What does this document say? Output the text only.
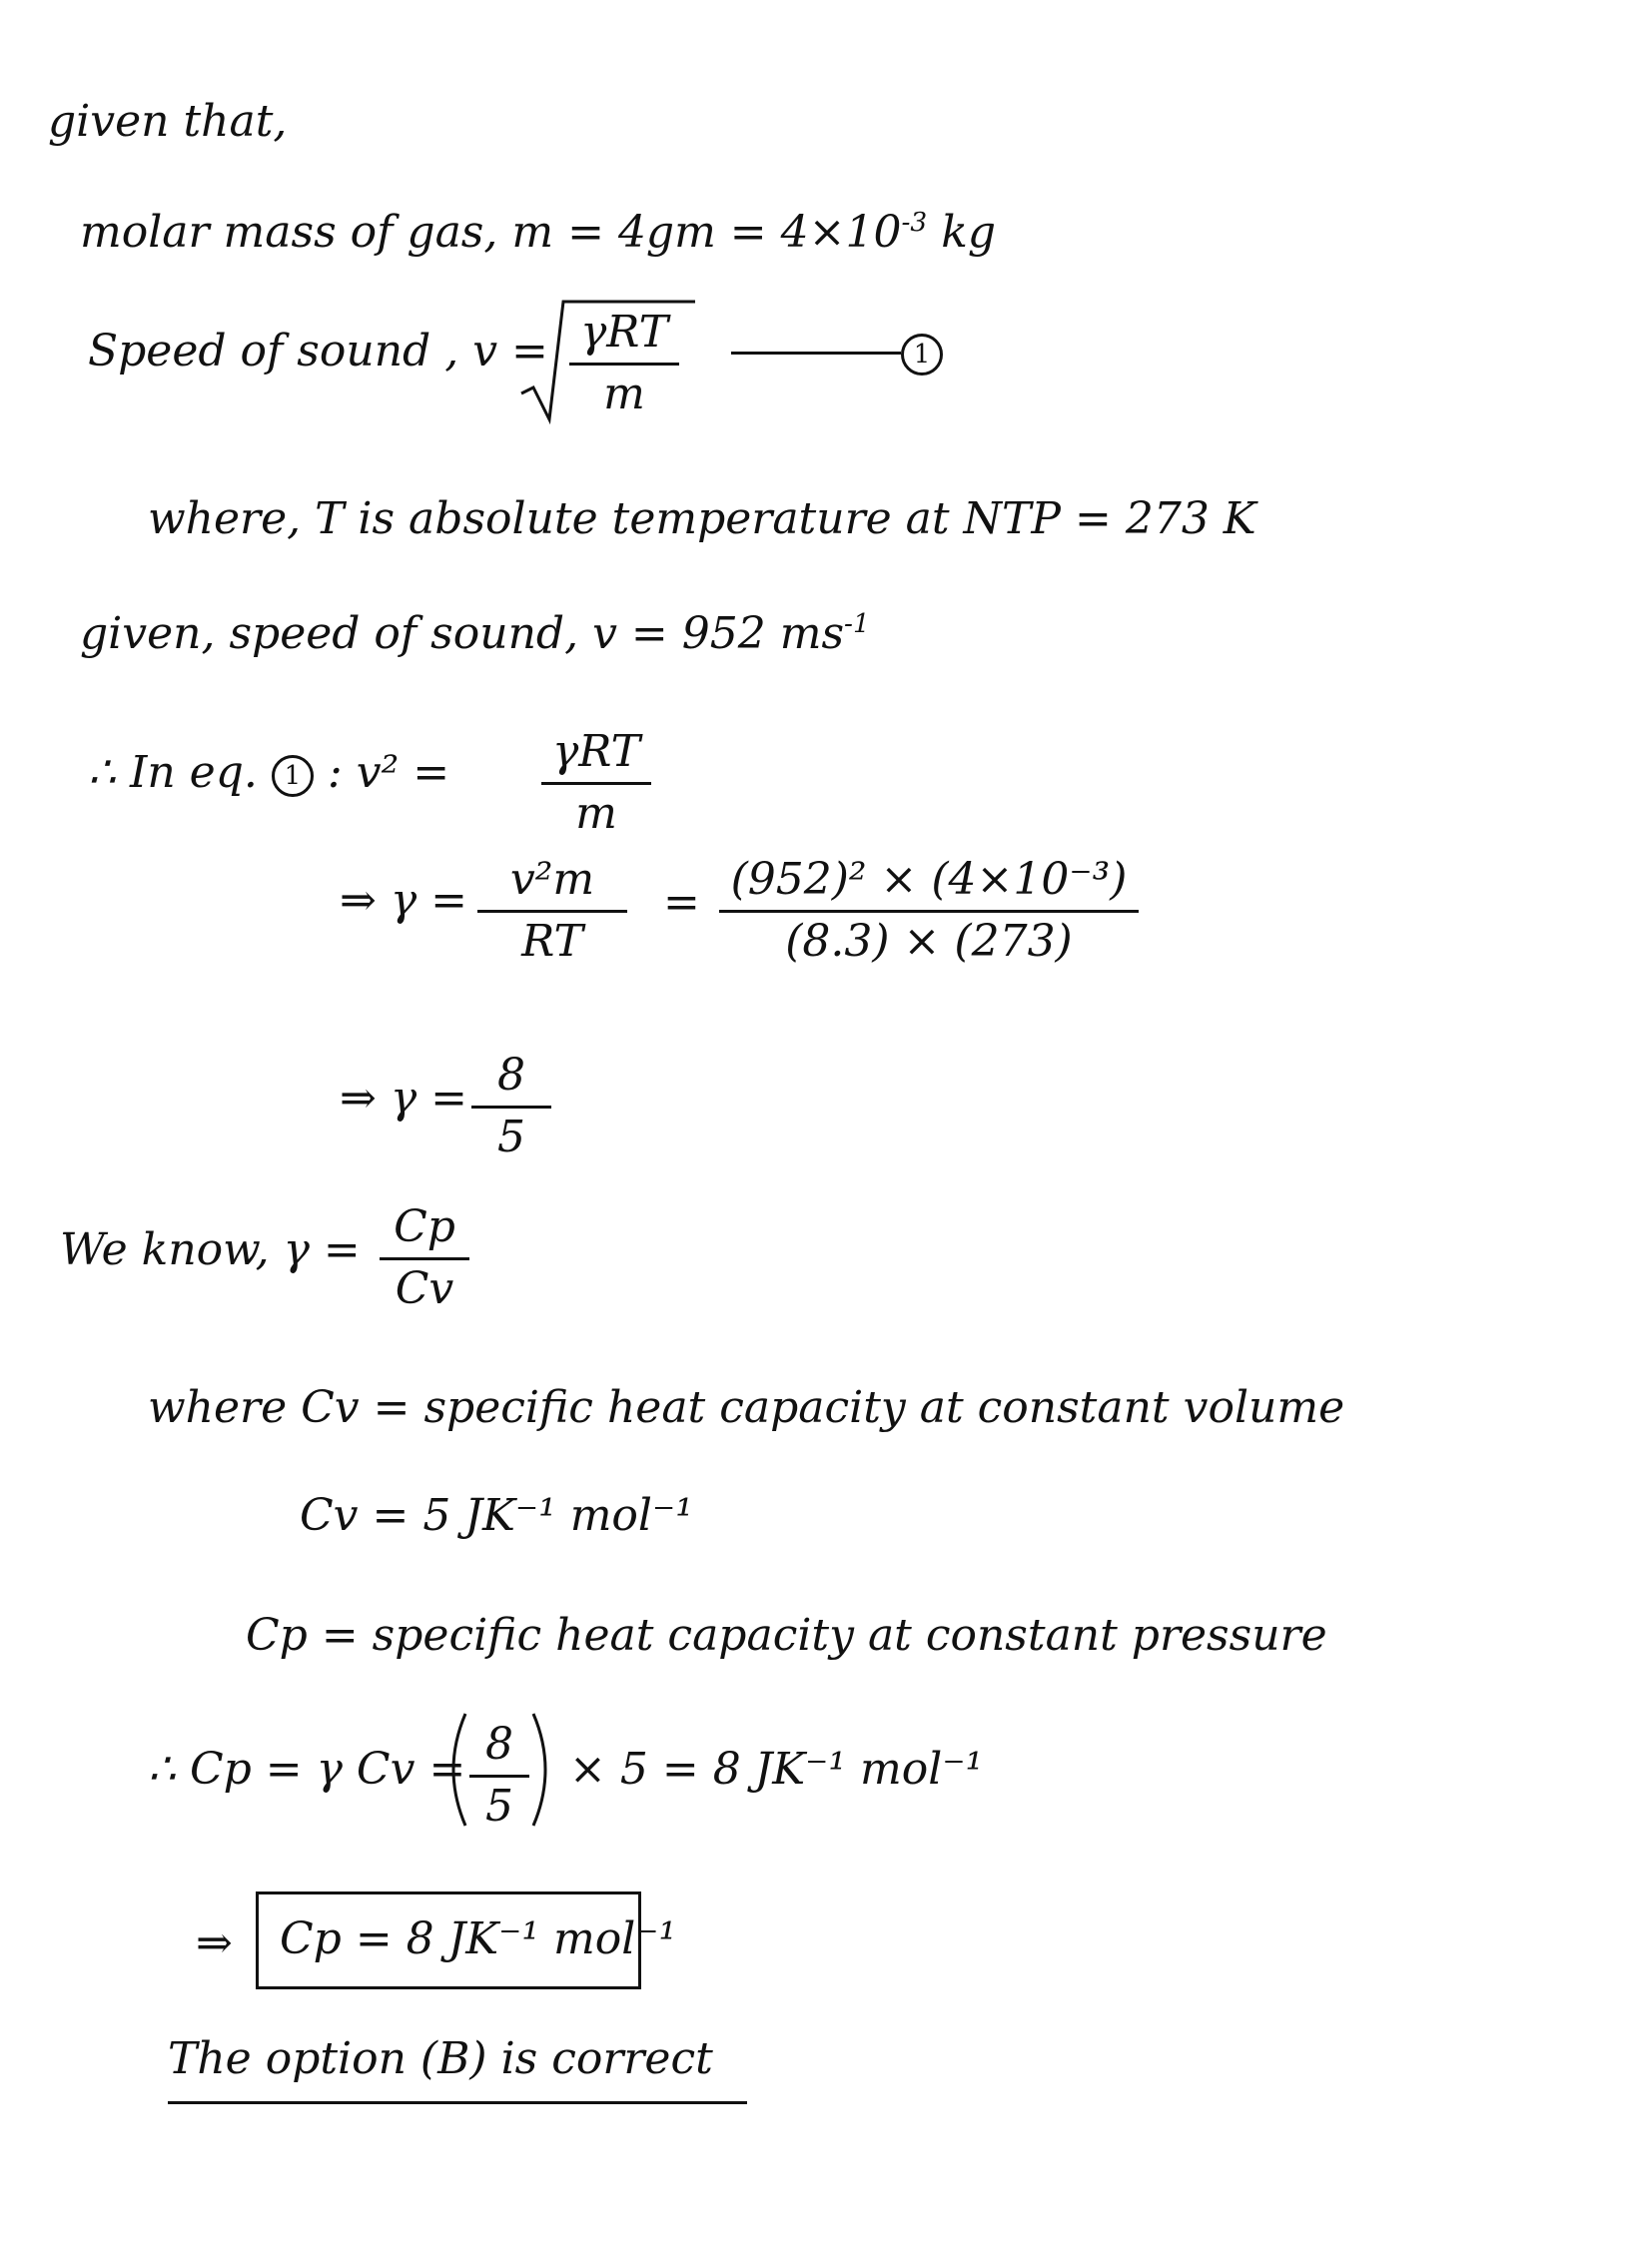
given that,
molar mass of gas, $m = 4gm = 4\times 10^{-3}$ kg
Speed of sound , v = γRT
m
1
where, T is absolute temperature at NTP = 273 K
given, speed of sound, v = 952 $ms^{-1}$
∴ In eq. 1 : v² = γRT
m
⇒ γ = v²m
RT
= (952)² × (4×10⁻³)
(8.3) × (273)
⇒ γ = 8
5
We know, γ = Cp
Cv
where Cv = specific heat capacity at constant volume
Cv = 5 JK⁻¹ mol⁻¹
Cp = specific heat capacity at constant pressure
∴ Cp = γ Cv = 8
5
× 5 = 8 JK⁻¹ mol⁻¹
⇒ Cp = 8 JK⁻¹ mol⁻¹
The option (B) is correct
